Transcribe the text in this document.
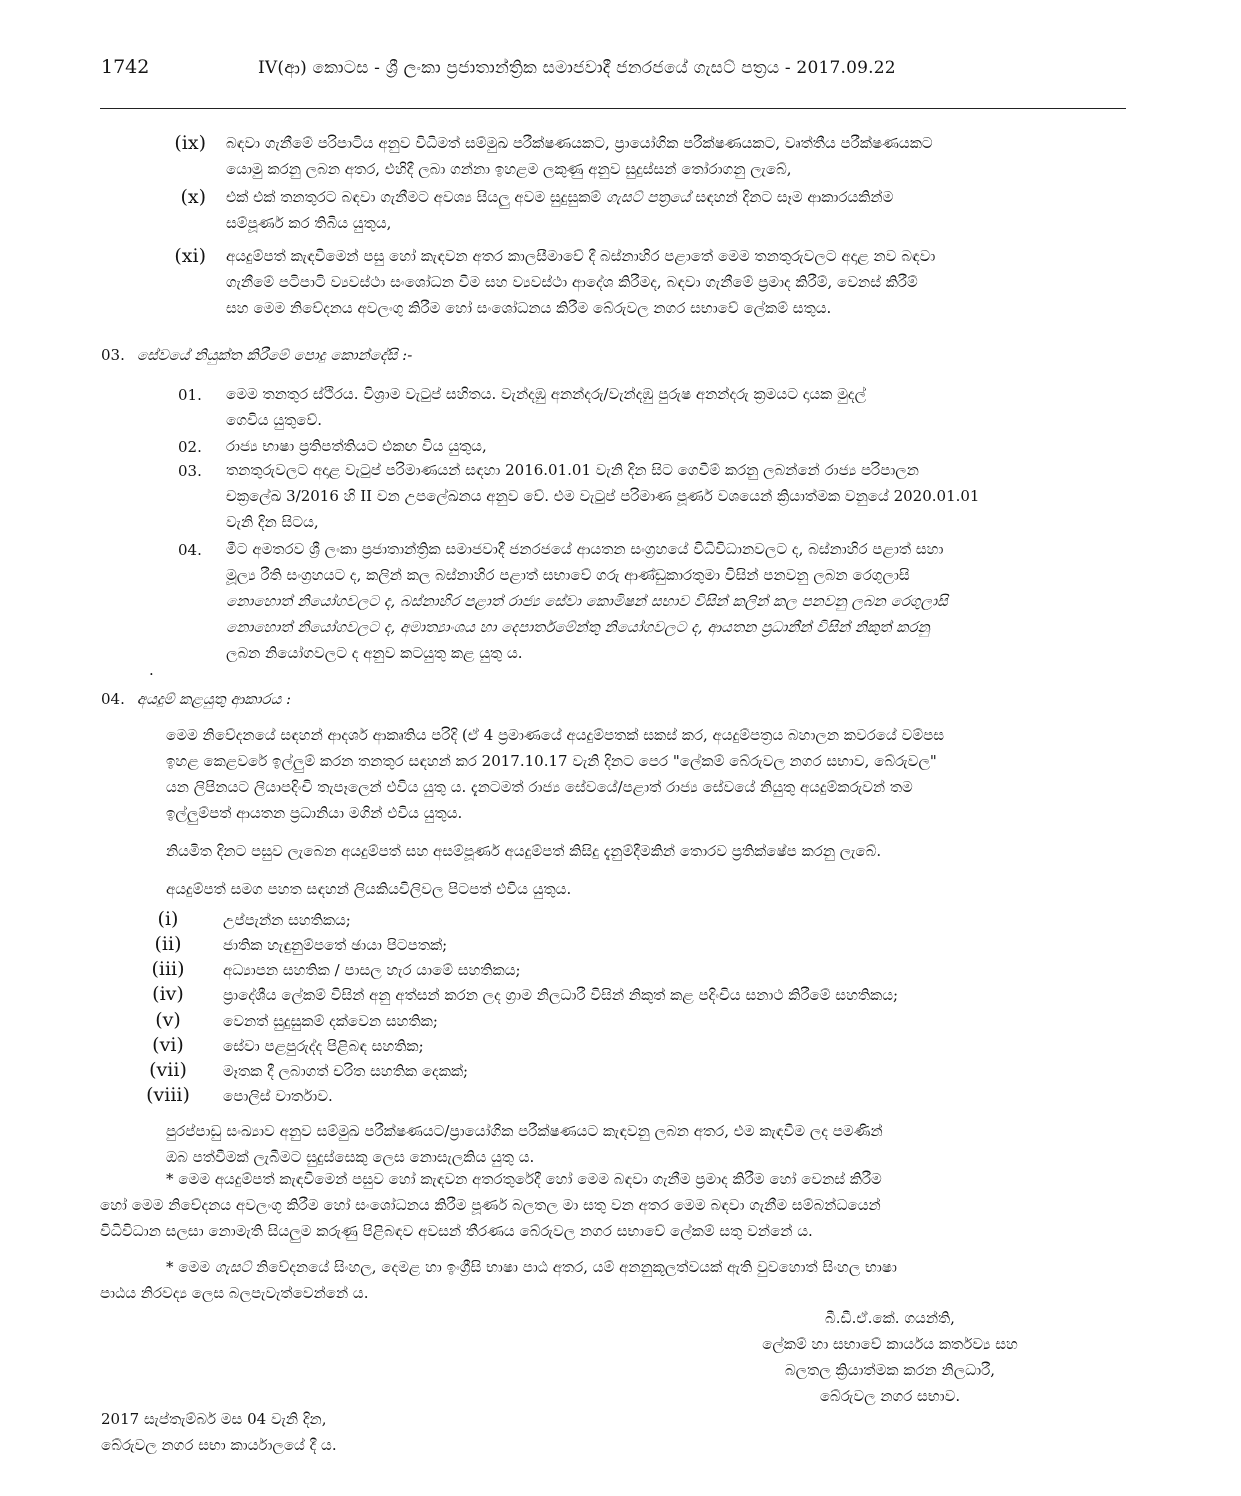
1742	IV(ආ) කොටස - ශ්‍රී ලංකා ප්‍රජාතාන්ත්‍රික සමාජවාදී ජනරජයේ ගැසට් පත්‍රය - 2017.09.22
(ix) බඳවා ගැනීමේ පරිපාටිය අනුව විධිමත් සම්මුඛ පරීක්ෂණයකට, ප්‍රායෝගික පරීක්ෂණයකට, වෘත්තීය පරීක්ෂණයකට
යොමු කරනු ලබන අතර, එහිදී ලබා ගන්නා ඉහළම ලකුණු අනුව සුදුස්සන් තෝරාගනු ලැබේ,
(x) එක් එක් තනතුරට බඳවා ගැනීමට අවශ්‍ය සියලු අවම සුදුසුකම් ගැසට් පත්‍රයේ සඳහන් දිනට සෑම ආකාරයකින්ම
සම්පූර්ණ කර තිබිය යුතුය,
(xi) අයදුම්පත් කැඳවීමෙන් පසු හෝ කැඳවන අතර කාලසීමාවේ දී බස්නාහිර පළාතේ මෙම තනතුරුවලට අදාළ නව බඳවා
ගැනීමේ පටිපාටි ව්‍යවස්ථා සංශෝධන වීම සහ ව්‍යවස්ථා ආදේශ කිරීමද, බඳවා ගැනීමේ ප්‍රමාද කිරීම්, වෙනස් කිරීම්
සහ මෙම නිවේදනය අවලංගු කිරීම හෝ සංශෝධනය කිරීම බේරුවල නගර සභාවේ ලේකම් සතුය.
03. සේවයේ නියුක්ත කිරීමේ පොදු කොන්දේසි :-
01. මෙම තනතුර ස්ථිරය. විශ්‍රාම වැටුප් සහිතය. වැන්දඹු අනන්දරු/වැන්දඹු පුරුෂ අනන්දරු ක්‍රමයට දායක මුදල්
ගෙවිය යුතුවේ.
02. රාජ්‍ය භාෂා ප්‍රතිපත්තියට එකඟ විය යුතුය,
03. තනතුරුවලට අදාළ වැටුප් පරිමාණයන් සඳහා 2016.01.01 වැනි දින සිට ගෙවීම් කරනු ලබන්නේ රාජ්‍ය පරිපාලන
චක්‍රලේඛ 3/2016 හි II වන උපලේඛනය අනුව වේ. එම වැටුප් පරිමාණ පූර්ණ වශයෙන් ක්‍රියාත්මක වනුයේ 2020.01.01
වැනි දින සිටය,
04. මීට අමතරව ශ්‍රී ලංකා ප්‍රජාතාන්ත්‍රික සමාජවාදී ජනරජයේ ආයතන සංග්‍රහයේ විධිවිධානවලට ද, බස්නාහිර පළාත් සහා
මූල්‍ය රීති සංග්‍රහයට ද, කලින් කල බස්නාහිර පළාත් සභාවේ ගරු ආණ්ඩුකාරතුමා විසින් පනවනු ලබන රෙගුලාසි
නොහොත් නියෝගවලට ද, බස්නාහිර පළාත් රාජ්‍ය සේවා කොමිෂන් සභාව විසින් කලින් කල පනවනු ලබන රෙගුලාසි
නොහොත් නියෝගවලට ද, අමාත්‍යාංශය හා දෙපාර්තමේන්තු නියෝගවලට ද, ආයතන ප්‍රධානීන් විසින් නිකුත් කරනු
ලබන නියෝගවලට ද අනුව කටයුතු කළ යුතු ය.
.
04. අයදුම් කළයුතු ආකාරය :
මෙම නිවේදනයේ සඳහන් ආදර්ශ ආකෘතිය පරිදි (ඒ 4 ප්‍රමාණයේ අයදුම්පතක් සකස් කර, අයදුම්පත්‍රය බහාලන කවරයේ වම්පස
ඉහළ කෙළවරේ ඉල්ලුම් කරන තනතුර සඳහන් කර 2017.10.17 වැනි දිනට පෙර "ලේකම් බේරුවල නගර සභාව, බේරුවල"
යන ලිපිනයට ලියාපදිංචි තැපෑලෙන් එවිය යුතු ය. දැනටමත් රාජ්‍ය සේවයේ/පළාත් රාජ්‍ය සේවයේ නියුතු අයදුම්කරුවන් තම
ඉල්ලුම්පත් ආයතන ප්‍රධානියා මගින් එවිය යුතුය.
නියමිත දිනට පසුව ලැබෙන අයදුම්පත් සහ අසම්පූර්ණ අයදුම්පත් කිසිදු දැනුම්දීමකින් තොරව ප්‍රතික්ෂේප කරනු ලැබේ.
අයදුම්පත් සමග පහත සඳහන් ලියකියවිලිවල පිටපත් එවිය යුතුය.
(i)	උප්පැන්න සහතිකය;
(ii)	ජාතික හැඳුනුම්පතේ ඡායා පිටපතක්;
(iii)	අධ්‍යාපන සහතික / පාසල හැර යාමේ සහතිකය;
(iv)	ප්‍රාදේශීය ලේකම් විසින් අනු අත්සන් කරන ලද ග්‍රාම නිලධාරී විසින් නිකුත් කළ පදිංචිය සනාථ කිරීමේ සහතිකය;
(v)	වෙනත් සුදුසුකම් දක්වෙන සහතික;
(vi)	සේවා පළපුරුද්ද පිළිබඳ සහතික;
(vii)	මෑතක දී ලබාගත් චරිත සහතික දෙකක්;
(viii)	පොලිස් වාර්තාව.
පුරප්පාඩු සංඛ්‍යාව අනුව සම්මුඛ පරීක්ෂණයට/ප්‍රායෝගික පරීක්ෂණයට කැඳවනු ලබන අතර, එම කැඳවීම ලද පමණින්
ඔබ පත්වීමක් ලැබීමට සුදුස්සෙකු ලෙස නොසැලකිය යුතු ය.
* මෙම අයදුම්පත් කැඳවීමෙන් පසුව හෝ කැඳවන අතරතුරේදී හෝ මෙම බඳවා ගැනීම ප්‍රමාද කිරීම හෝ වෙනස් කිරීම
හෝ මෙම නිවේදනය අවලංගු කිරීම හෝ සංශෝධනය කිරීම පූර්ණ බලතල මා සතු වන අතර මෙම බඳවා ගැනීම සම්බන්ධයෙන්
විධිවිධාන සලසා නොමැති සියලුම කරුණු පිළිබඳව අවසන් තීරණය බේරුවල නගර සභාවේ ලේකම් සතු වන්නේ ය.
* මෙම ගැසට් නිවේදනයේ සිංහල, දෙමළ හා ඉංග්‍රීසි භාෂා පාඨ අතර, යම් අනනුකූලත්වයක් ඇති වුවහොත් සිංහල භාෂා
පාඨය නිරවද්‍ය ලෙස බලපැවැත්වෙන්නේ ය.
බී.ඩී.ඒ.කේ. ගයන්ති,
ලේකම් හා සභාවේ කාර්යය කර්තව්‍ය සහ
බලතල ක්‍රියාත්මක කරන නිලධාරී,
බේරුවල නගර සභාව.
2017 සැප්තැම්බර් මස 04 වැනි දින,
බේරුවල නගර සභා කාර්යාලයේ දී ය.
